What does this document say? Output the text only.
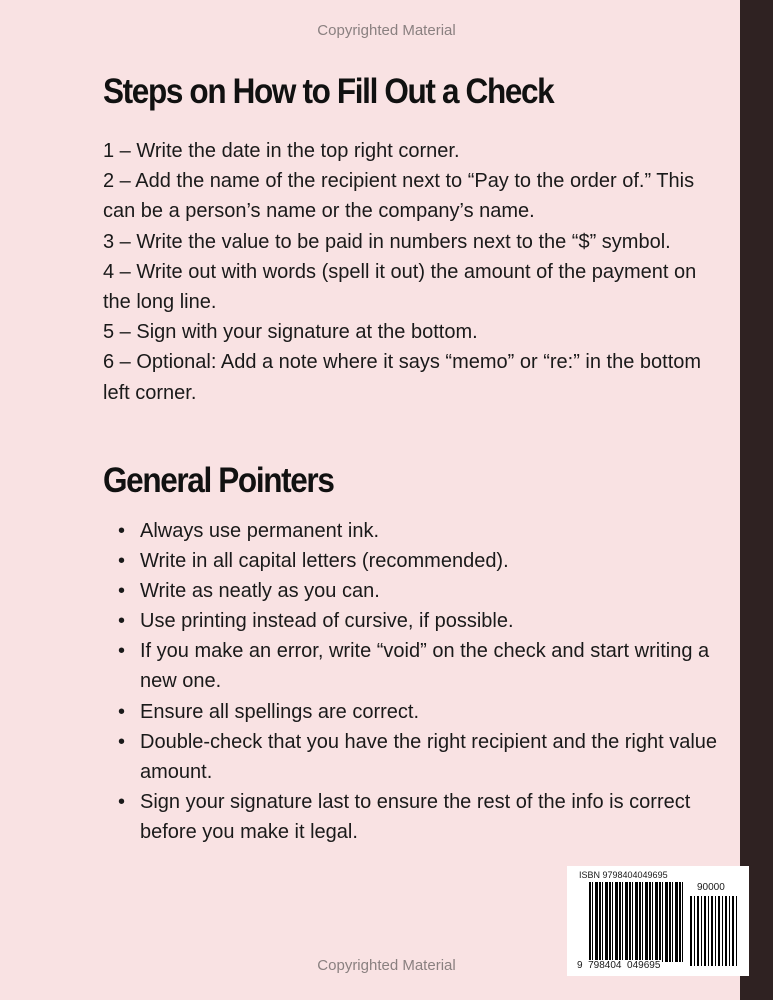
Copyrighted Material
Steps on How to Fill Out a Check
1 – Write the date in the top right corner.
2 – Add the name of the recipient next to “Pay to the order of.” This can be a person’s name or the company’s name.
3 – Write the value to be paid in numbers next to the “$” symbol.
4 – Write out with words (spell it out) the amount of the payment on the long line.
5 – Sign with your signature at the bottom.
6 – Optional: Add a note where it says “memo” or “re:” in the bottom left corner.
General Pointers
• Always use permanent ink.
• Write in all capital letters (recommended).
• Write as neatly as you can.
• Use printing instead of cursive, if possible.
• If you make an error, write “void” on the check and start writing a new one.
• Ensure all spellings are correct.
• Double-check that you have the right recipient and the right value amount.
• Sign your signature last to ensure the rest of the info is correct before you make it legal.
ISBN 9798404049695
90000
9  798404  049695
Copyrighted Material
